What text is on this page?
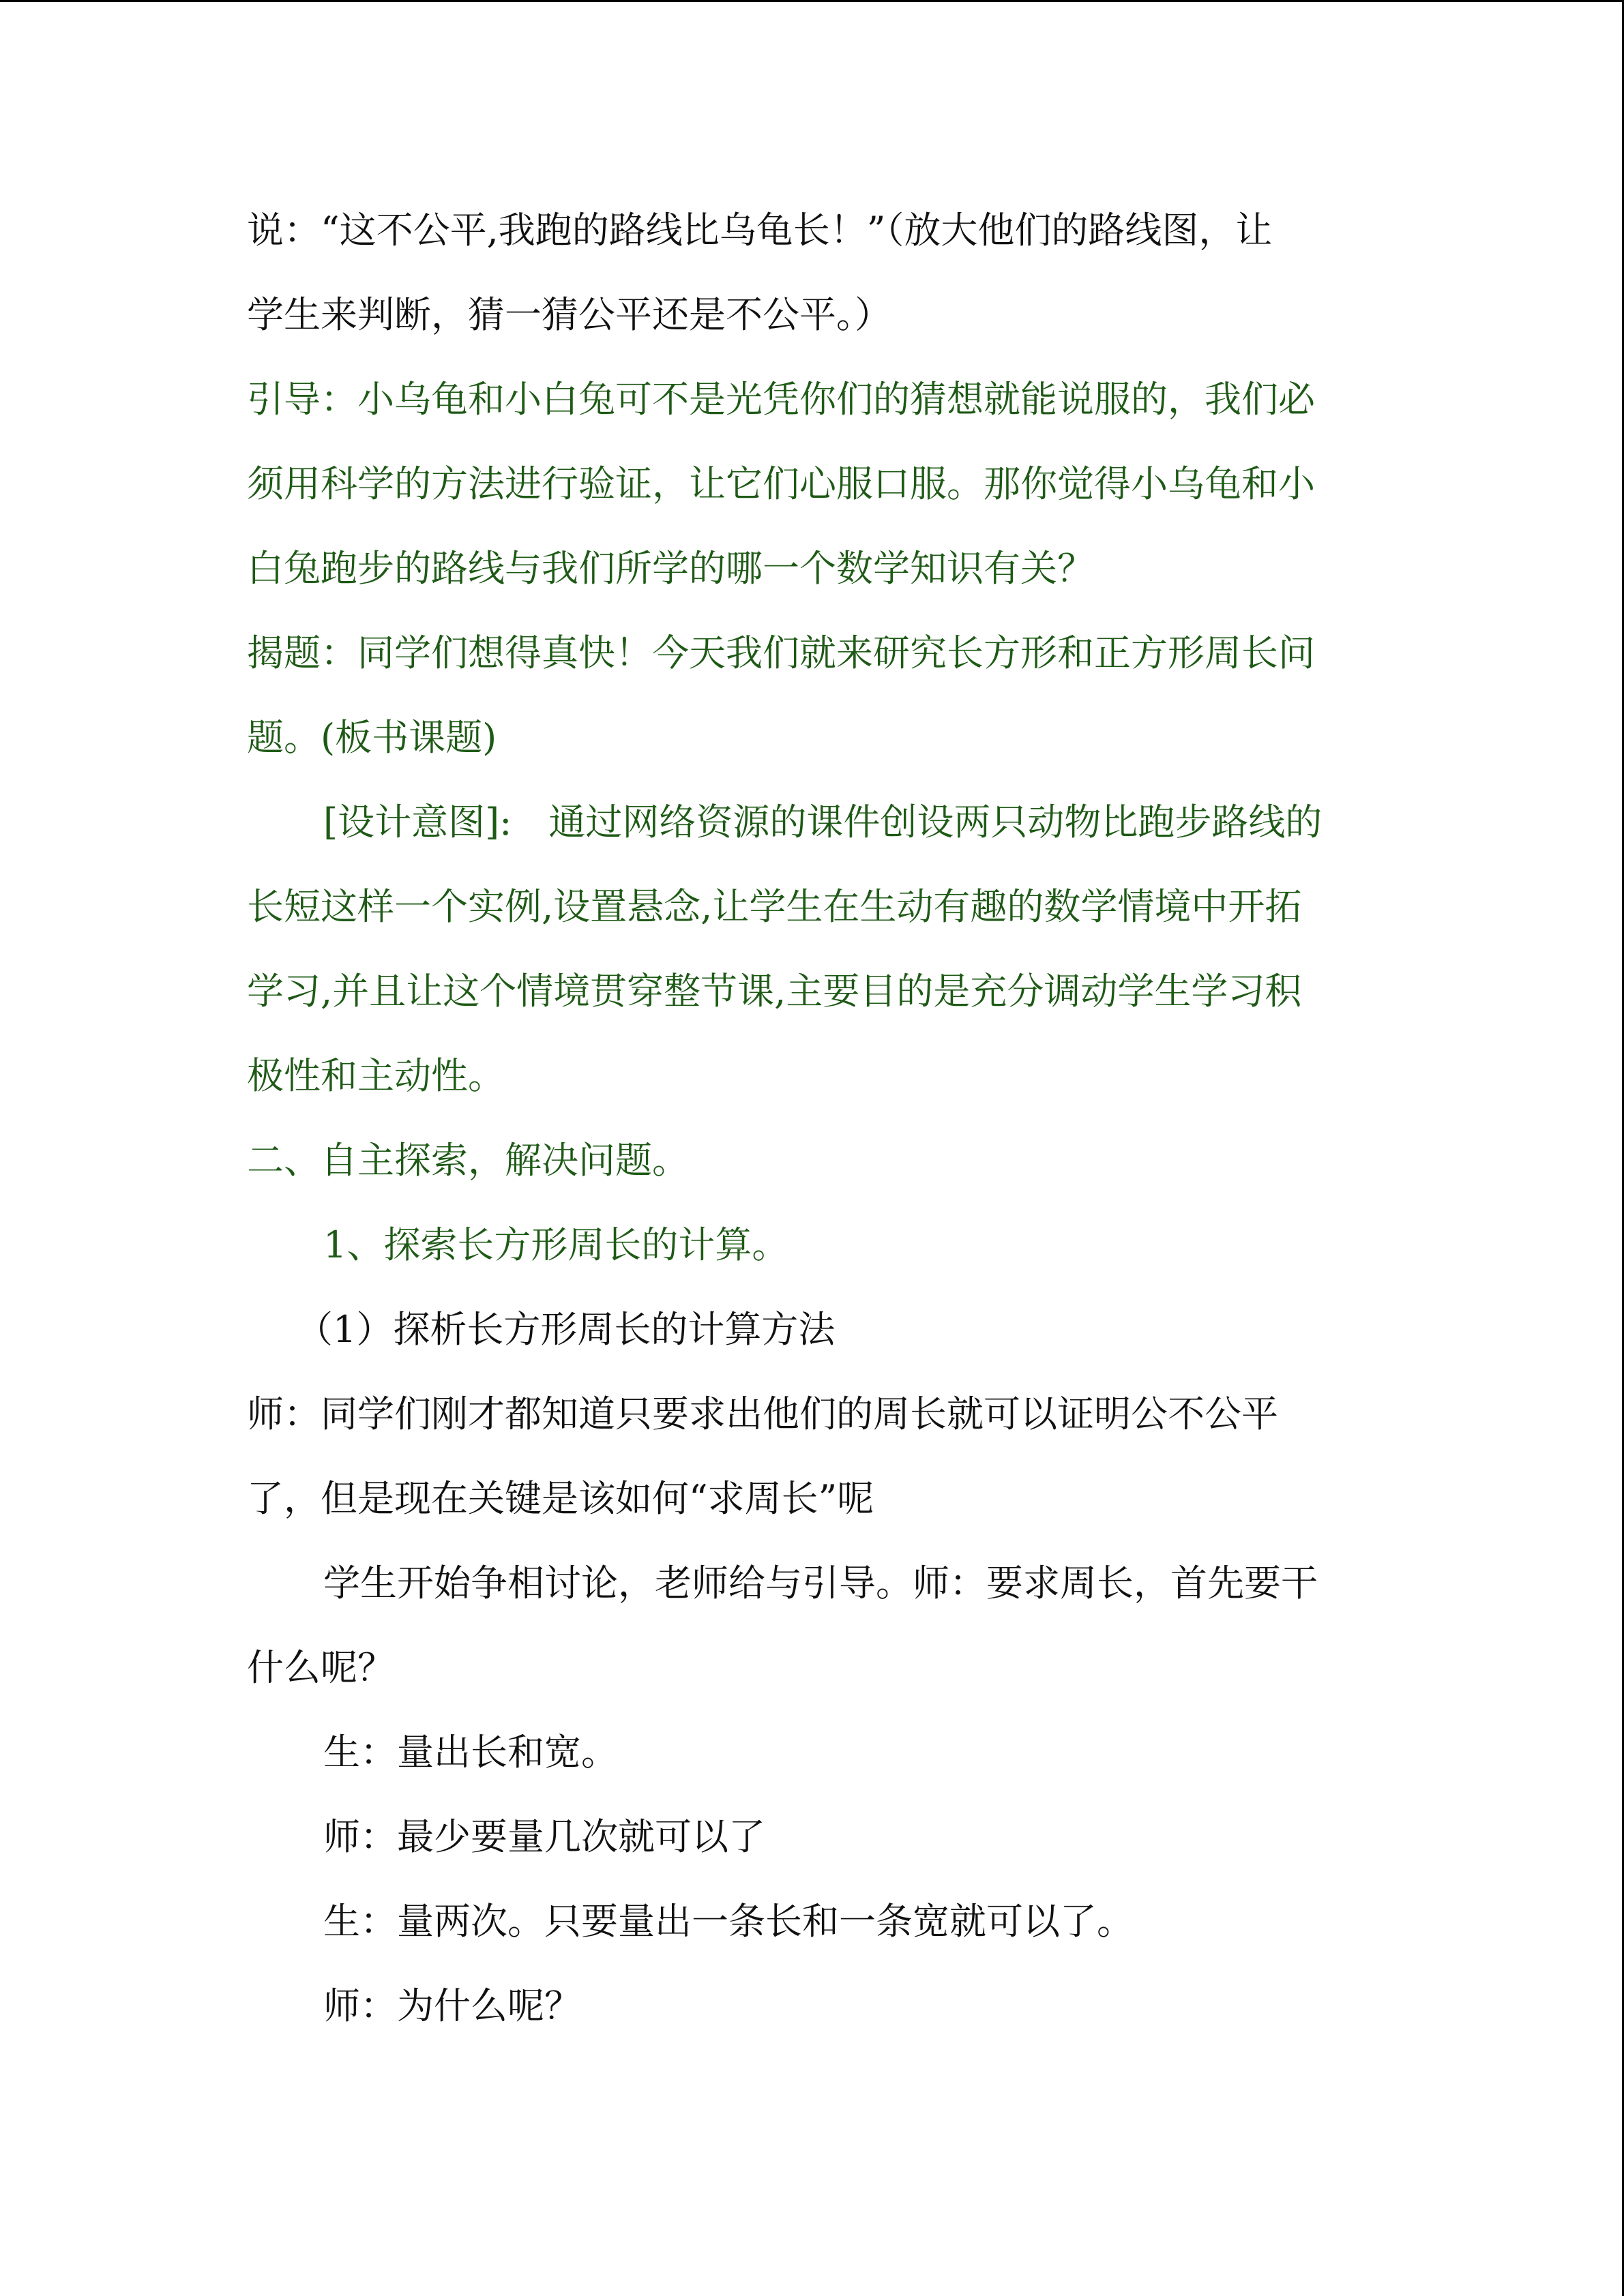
说：“这不公平,我跑的路线比乌龟长！”（放大他们的路线图，让
学生来判断，猜一猜公平还是不公平。）
引导：小乌龟和小白兔可不是光凭你们的猜想就能说服的，我们必
须用科学的方法进行验证，让它们心服口服。那你觉得小乌龟和小
白兔跑步的路线与我们所学的哪一个数学知识有关？
揭题：同学们想得真快！今天我们就来研究长方形和正方形周长问
题。(板书课题)
[设计意图]:　通过网络资源的课件创设两只动物比跑步路线的
长短这样一个实例,设置悬念,让学生在生动有趣的数学情境中开拓
学习,并且让这个情境贯穿整节课,主要目的是充分调动学生学习积
极性和主动性。
二、自主探索，解决问题。
1、探索长方形周长的计算。
（1）探析长方形周长的计算方法
师：同学们刚才都知道只要求出他们的周长就可以证明公不公平
了，但是现在关键是该如何“求周长”呢
学生开始争相讨论，老师给与引导。师：要求周长，首先要干
什么呢？
生：量出长和宽。
师：最少要量几次就可以了
生：量两次。只要量出一条长和一条宽就可以了。
师：为什么呢？
